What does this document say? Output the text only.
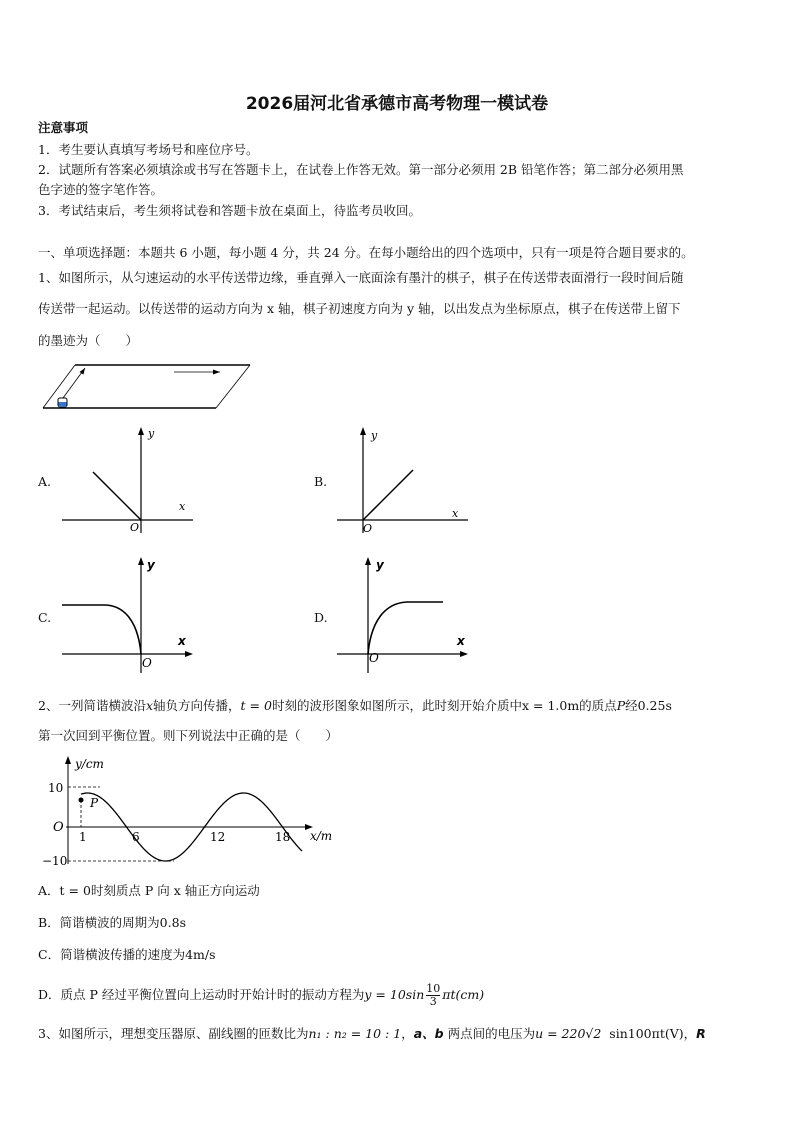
2026届河北省承德市高考物理一模试卷
注意事项
1．考生要认真填写考场号和座位序号。
2．试题所有答案必须填涂或书写在答题卡上，在试卷上作答无效。第一部分必须用 2B 铅笔作答；第二部分必须用黑
色字迹的签字笔作答。
3．考试结束后，考生须将试卷和答题卡放在桌面上，待监考员收回。
一、单项选择题：本题共 6 小题，每小题 4 分，共 24 分。在每小题给出的四个选项中，只有一项是符合题目要求的。
1、如图所示，从匀速运动的水平传送带边缘，垂直弹入一底面涂有墨汁的棋子，棋子在传送带表面滑行一段时间后随
传送带一起运动。以传送带的运动方向为 x 轴，棋子初速度方向为 y 轴，以出发点为坐标原点，棋子在传送带上留下
的墨迹为（　　）
A.	B.
C.	D.
y
x
O
y
x
O
y
x
O
y
x
O
2、一列简谐横波沿x轴负方向传播，t = 0时刻的波形图象如图所示，此时刻开始介质中x = 1.0m的质点P经0.25s
第一次回到平衡位置。则下列说法中正确的是（　　）
y/cm
x/m
10
−10
O
P
1	6	12	18
A．t = 0时刻质点 P 向 x 轴正方向运动
B．简谐横波的周期为0.8s
C．简谐横波传播的速度为4m/s
D．质点 P 经过平衡位置向上运动时开始计时的振动方程为$y = 10\sin \frac{10}{3} \pi t(cm)$
3、如图所示，理想变压器原、副线圈的匝数比为n₁ : n₂ = 10 : 1，a、b 两点间的电压为u = 220√2 sin100πt(V)，R
